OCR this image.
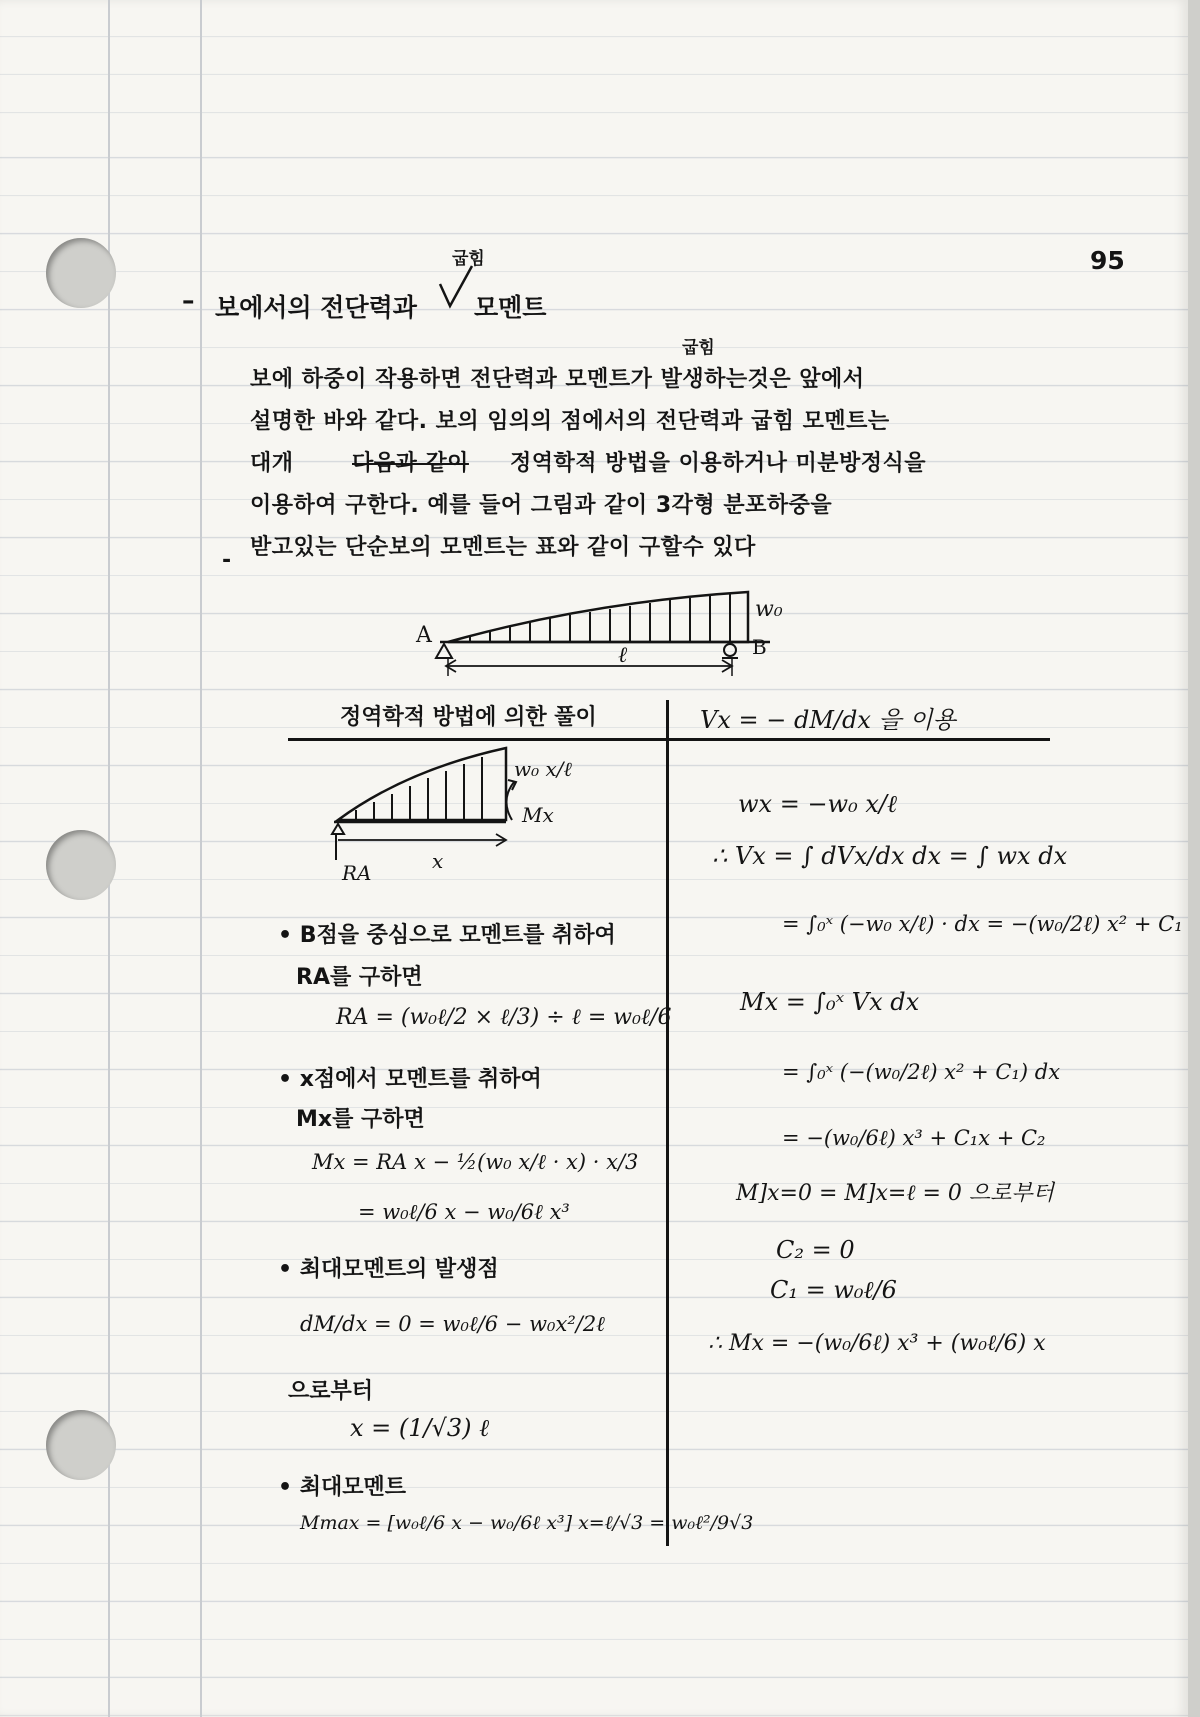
95
– 보에서의 전단력과
굽힘
모멘트
보에 하중이 작용하면 전단력과 모멘트가 발생하는것은 앞에서
굽힘
설명한 바와 같다. 보의 임의의 점에서의 전단력과 굽힘 모멘트는
대개	다음과 같이 정역학적 방법을 이용하거나 미분방정식을
이용하여 구한다. 예를 들어 그림과 같이 3각형 분포하중을
받고있는 단순보의 모멘트는 표와 같이 구할수 있다
-
A	B
w₀
ℓ
정역학적 방법에 의한 풀이	Vx = − dM/dx 을 이용
w₀ x/ℓ
Mx
RA	x
• B점을 중심으로 모멘트를 취하여
RA를 구하면
RA = (w₀ℓ/2 × ℓ/3) ÷ ℓ = w₀ℓ/6
• x점에서 모멘트를 취하여
Mx를 구하면
Mx = RA x − ½(w₀ x/ℓ · x) · x/3
= w₀ℓ/6 x − w₀/6ℓ x³
• 최대모멘트의 발생점
dM/dx = 0 = w₀ℓ/6 − w₀x²/2ℓ
으로부터
x = (1/√3) ℓ
• 최대모멘트
Mmax = [w₀ℓ/6 x − w₀/6ℓ x³] x=ℓ/√3 = w₀ℓ²/9√3
wx = −w₀ x/ℓ
∴ Vx = ∫ dVx/dx dx = ∫ wx dx
= ∫₀ˣ (−w₀ x/ℓ) · dx = −(w₀/2ℓ) x² + C₁
Mx = ∫₀ˣ Vx dx
= ∫₀ˣ (−(w₀/2ℓ) x² + C₁) dx
= −(w₀/6ℓ) x³ + C₁x + C₂
M]x=0 = M]x=ℓ = 0 으로부터
C₂ = 0
C₁ = w₀ℓ/6
∴ Mx = −(w₀/6ℓ) x³ + (w₀ℓ/6) x
